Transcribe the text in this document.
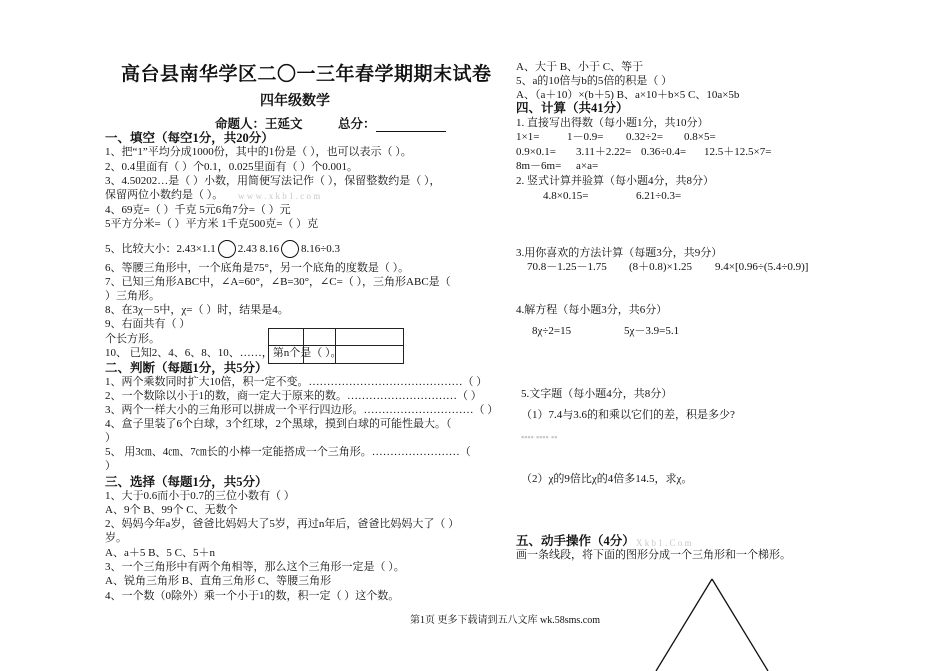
高台县南华学区二〇一三年春学期期末试卷
四年级数学
命题人：王延文	总分：
一、填空（每空1分，共20分）
1、把“1”平均分成1000份，其中的1份是（ ），也可以表示（ ）。
2、0.4里面有（ ）个0.1，0.025里面有（ ）个0.001。
3、4.50202…是（ ）小数，用简便写法记作（ ），保留整数约是（ ），
保留两位小数约是（ ）。 w w w . x k b 1 . c o m
4、69克=（ ）千克 5元6角7分=（ ）元
5平方分米=（ ）平方米 1千克500克=（ ）克
5、比较大小：2.43×1.1 2.43 8.16 8.16÷0.3
6、等腰三角形中，一个底角是75°，另一个底角的度数是（ ）。
7、已知三角形ABC中，∠A=60°，∠B=30°，∠C=（ ），三角形ABC是（
）三角形。
8、在3χ－5中，χ=（ ）时，结果是4。
9、右面共有（ ）
个长方形。
10、 已知2、4、6、8、10、……，第n个是（ ）。
二、判断（每题1分，共5分）
1、两个乘数同时扩大10倍，积一定不变。……………………………………（ ）
2、一个数除以小于1的数，商一定大于原来的数。…………………………（ ）
3、两个一样大小的三角形可以拼成一个平行四边形。…………………………（ ）
4、盒子里装了6个白球，3个红球，2个黑球，摸到白球的可能性最大。（
）
5、 用3㎝、4㎝、7㎝长的小棒一定能搭成一个三角形。……………………（
）
三、选择（每题1分，共5分）
1、大于0.6而小于0.7的三位小数有（ ）
A、9个 B、99个 C、无数个
2、妈妈今年a岁，爸爸比妈妈大了5岁，再过n年后，爸爸比妈妈大了（ ）
岁。
A、a＋5 B、5 C、5＋n
3、一个三角形中有两个角相等，那么这个三角形一定是（ ）。
A、锐角三角形 B、直角三角形 C、等腰三角形
4、一个数（0除外）乘一个小于1的数，积一定（ ）这个数。
A、大于 B、小于 C、等于
5、a的10倍与b的5倍的积是（ ）
A、（a＋10）×(b＋5) B、a×10＋b×5 C、10a×5b
四、计算（共41分）
1. 直接写出得数（每小题1分，共10分）
1×1=	1－0.9= 0.32÷2= 0.8×5=
0.9×0.1= 3.11＋2.22= 0.36÷0.4= 12.5＋12.5×7=
8m－6m= a×a=
2. 竖式计算并验算（每小题4分，共8分）
4.8×0.15=	6.21÷0.3=
3.用你喜欢的方法计算（每题3分，共9分）
70.8－1.25－1.75 (8＋0.8)×1.25 9.4×[0.96÷(5.4÷0.9)]
4.解方程（每小题3分，共6分）
8χ÷2=15	5χ－3.9=5.1
5.文字题（每小题4分，共8分）
（1）7.4与3.6的和乘以它们的差，积是多少?
▪▪▪▪ ▪▪▪▪ ▪▪
（2）χ的9倍比χ的4倍多14.5，求χ。
五、动手操作（4分） X k b 1 . C o m
画一条线段，将下面的图形分成一个三角形和一个梯形。
第1页 更多下载请到五八文库 wk.58sms.com
